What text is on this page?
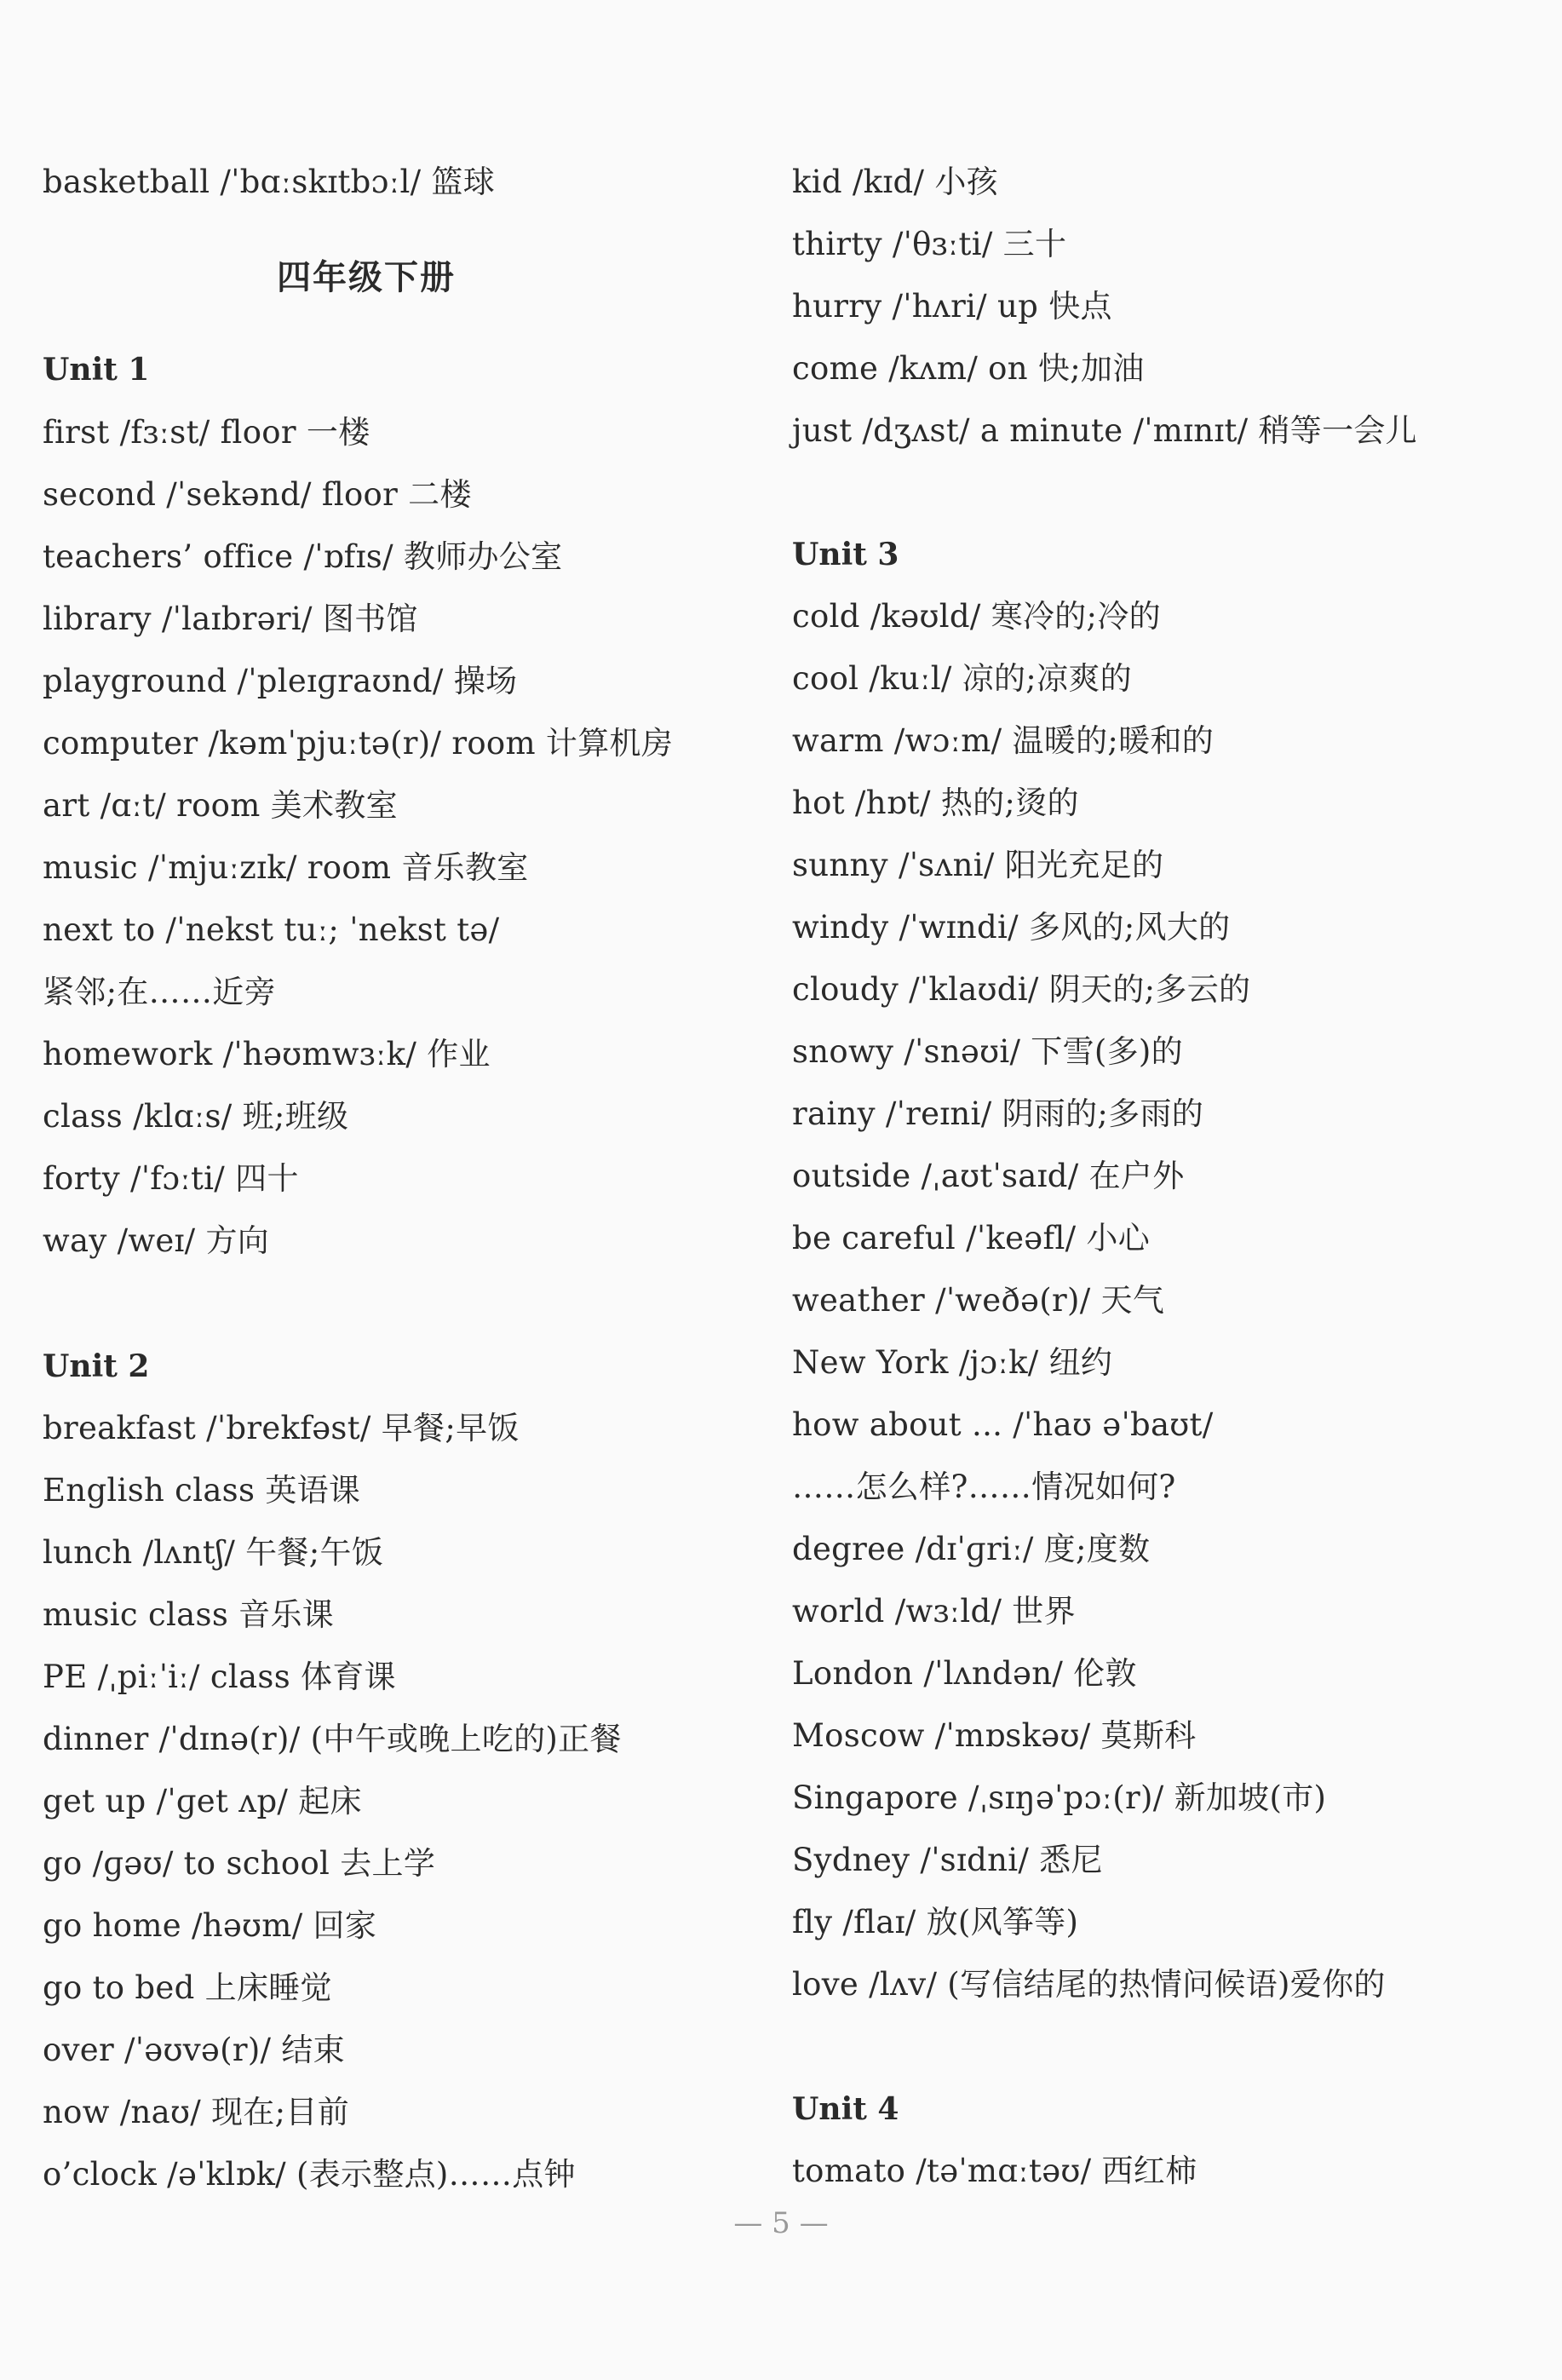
basketball /ˈbɑːskɪtbɔːl/ 篮球
四年级下册
Unit 1
first /fɜːst/ floor 一楼
second /ˈsekənd/ floor 二楼
teachers’ office /ˈɒfɪs/ 教师办公室
library /ˈlaɪbrəri/ 图书馆
playground /ˈpleɪɡraʊnd/ 操场
computer /kəmˈpjuːtə(r)/ room 计算机房
art /ɑːt/ room 美术教室
music /ˈmjuːzɪk/ room 音乐教室
next to /ˈnekst tuː; ˈnekst tə/
紧邻;在……近旁
homework /ˈhəʊmwɜːk/ 作业
class /klɑːs/ 班;班级
forty /ˈfɔːti/ 四十
way /weɪ/ 方向
Unit 2
breakfast /ˈbrekfəst/ 早餐;早饭
English class 英语课
lunch /lʌntʃ/ 午餐;午饭
music class 音乐课
PE /ˌpiːˈiː/ class 体育课
dinner /ˈdɪnə(r)/ (中午或晚上吃的)正餐
get up /ˈɡet ʌp/ 起床
go /ɡəʊ/ to school 去上学
go home /həʊm/ 回家
go to bed 上床睡觉
over /ˈəʊvə(r)/ 结束
now /naʊ/ 现在;目前
o’clock /əˈklɒk/ (表示整点)……点钟
kid /kɪd/ 小孩
thirty /ˈθɜːti/ 三十
hurry /ˈhʌri/ up 快点
come /kʌm/ on 快;加油
just /dʒʌst/ a minute /ˈmɪnɪt/ 稍等一会儿
Unit 3
cold /kəʊld/ 寒冷的;冷的
cool /kuːl/ 凉的;凉爽的
warm /wɔːm/ 温暖的;暖和的
hot /hɒt/ 热的;烫的
sunny /ˈsʌni/ 阳光充足的
windy /ˈwɪndi/ 多风的;风大的
cloudy /ˈklaʊdi/ 阴天的;多云的
snowy /ˈsnəʊi/ 下雪(多)的
rainy /ˈreɪni/ 阴雨的;多雨的
outside /ˌaʊtˈsaɪd/ 在户外
be careful /ˈkeəfl/ 小心
weather /ˈweðə(r)/ 天气
New York /jɔːk/ 纽约
how about ... /ˈhaʊ əˈbaʊt/
……怎么样?……情况如何?
degree /dɪˈɡriː/ 度;度数
world /wɜːld/ 世界
London /ˈlʌndən/ 伦敦
Moscow /ˈmɒskəʊ/ 莫斯科
Singapore /ˌsɪŋəˈpɔː(r)/ 新加坡(市)
Sydney /ˈsɪdni/ 悉尼
fly /flaɪ/ 放(风筝等)
love /lʌv/ (写信结尾的热情问候语)爱你的
Unit 4
tomato /təˈmɑːtəʊ/ 西红柿
— 5 —
